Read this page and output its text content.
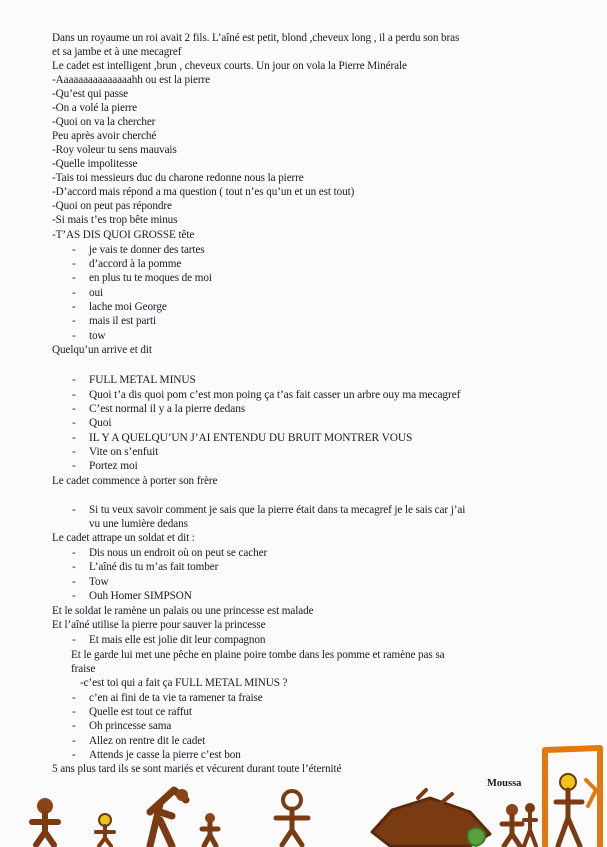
Dans un royaume un roi avait 2 fils. L’aîné est petit, blond ,cheveux long , il a perdu son bras
et sa jambe et à une mecagref
Le cadet est intelligent ,brun , cheveux courts. Un jour on vola la Pierre Minérale
-Aaaaaaaaaaaaaaahh ou est la pierre
-Qu’est qui passe
-On a volé la pierre
-Quoi on va la chercher
Peu après avoir cherché
-Roy voleur tu sens mauvais
-Quelle impolitesse
-Tais toi messieurs duc du charone redonne nous la pierre
-D’accord mais répond a ma question ( tout n’es qu’un et un est tout)
-Quoi on peut pas répondre
-Si mais t’es trop bête minus
-T’AS DIS QUOI GROSSE tête
- je vais te donner des tartes
- d’accord à la pomme
- en plus tu te moques de moi
- oui
- lache moi George
- mais il est parti
- tow
Quelqu’un arrive et dit
- FULL METAL MINUS
- Quoi t’a dis quoi pom c’est mon poing ça t’as fait casser un arbre ouy ma mecagref
- C’est normal il y a la pierre dedans
- Quoi
- IL Y A QUELQU’UN J’AI ENTENDU DU BRUIT MONTRER VOUS
- Vite on s’enfuit
- Portez moi
Le cadet commence à porter son frère
- Si tu veux savoir comment je sais que la pierre était dans ta mecagref je le sais car j’ai
vu une lumière dedans
Le cadet attrape un soldat et dit :
- Dis nous un endroit où on peut se cacher
- L’aîné dis tu m’as fait tomber
- Tow
- Ouh Homer SIMPSON
Et le soldat le ramène un palais ou une princesse est malade
Et l’aîné utilise la pierre pour sauver la princesse
- Et mais elle est jolie dit leur compagnon
Et le garde lui met une pêche en plaine poire tombe dans les pomme et ramène pas sa
fraise
-c’est toi qui a fait ça FULL METAL MINUS ?
- c’en ai fini de ta vie ta ramener ta fraise
- Quelle est tout ce raffut
- Oh princesse sama
- Allez on rentre dit le cadet
- Attends je casse la pierre c’est bon
5 ans plus tard ils se sont mariés et vécurent durant toute l’éternité
Moussa
